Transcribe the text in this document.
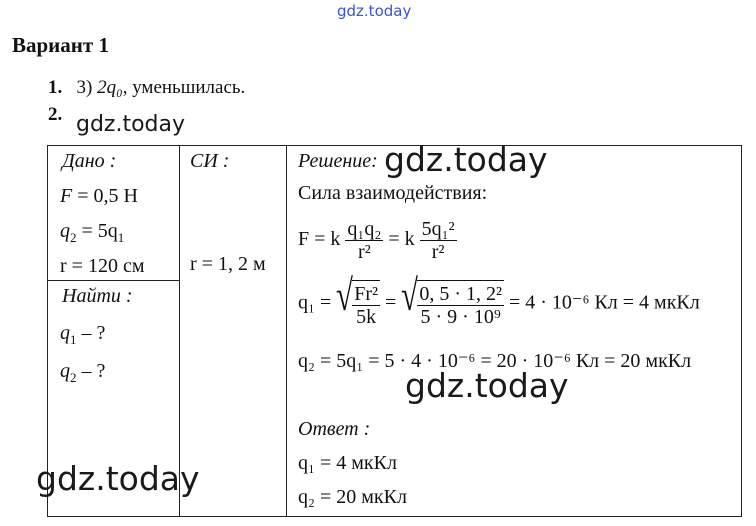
gdz.today
Вариант 1
1. 3) 2q₀, уменьшилась.
2.
Дано :
F = 0,5 Н
$q_2 = 5q_1$
r = 120 см
Найти :
$q_1$ – ?
$q_2$ – ?
СИ :
r = 1, 2 м
Решение:
Сила взаимодействия:
F = k $\frac{\text{q₁q₂}}{\text{r²}} = k \frac{\text{5q₁²}}{\text{r²}}$
q₁ = √ $\frac{\text{Fr²}}{5k}$ = √ $\frac{\text{0, 5 · 1, 2²}}{\text{5 · 9 · 10⁹}} = 4 \cdot 10^{-6}$ Кл = 4 мкКл
q₂ = 5q₁ = 5 · 4 · 10⁻⁶ = 20 · 10⁻⁶ Кл = 20 мкКл
Ответ :
q₁ = 4 мкКл
q₂ = 20 мкКл
gdz.today
gdz.today
gdz.today
gdz.today
